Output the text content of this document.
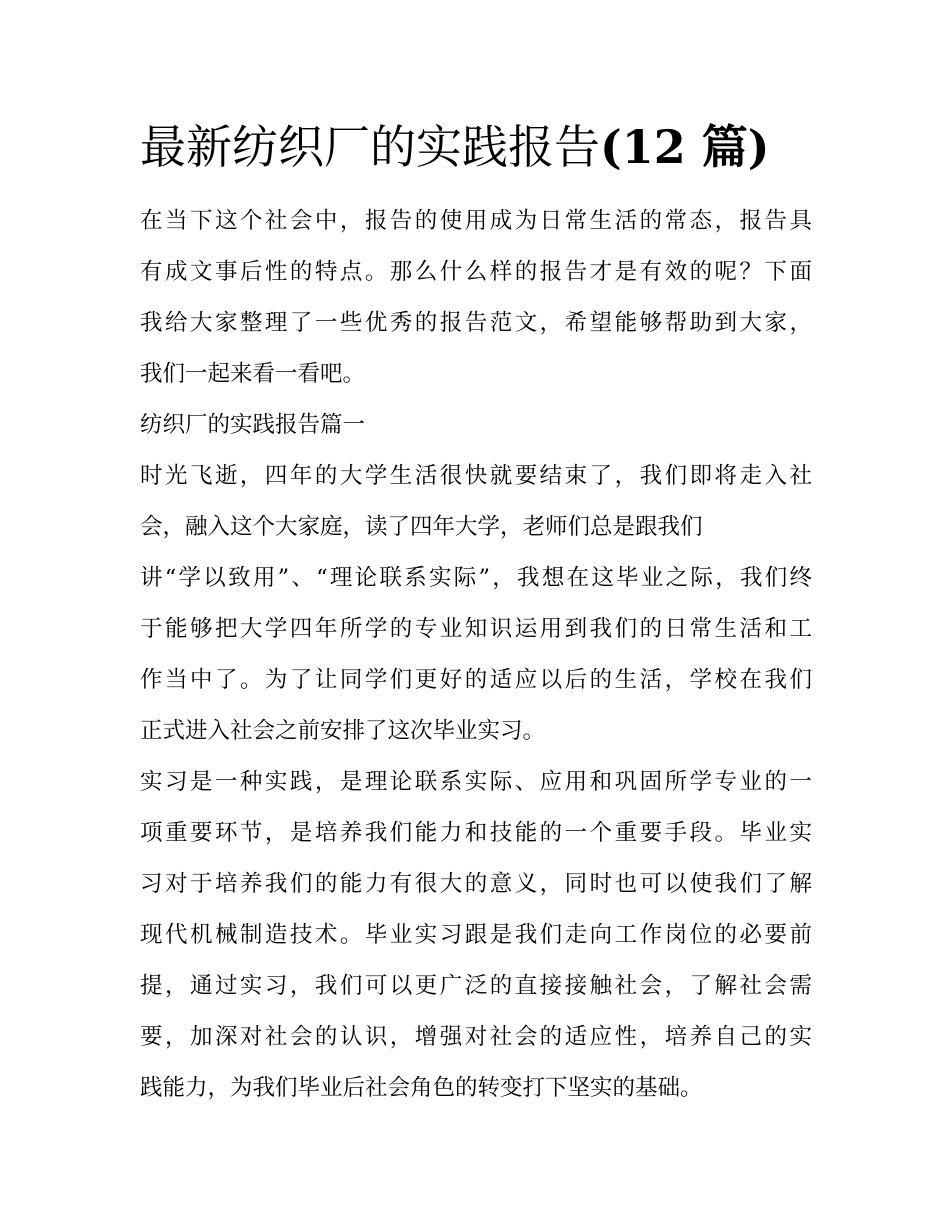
最新纺织厂的实践报告(12 篇)
在当下这个社会中，报告的使用成为日常生活的常态，报告具
有成文事后性的特点。那么什么样的报告才是有效的呢？下面
我给大家整理了一些优秀的报告范文，希望能够帮助到大家，
我们一起来看一看吧。
纺织厂的实践报告篇一
时光飞逝，四年的大学生活很快就要结束了，我们即将走入社
会，融入这个大家庭，读了四年大学，老师们总是跟我们
讲“学以致用”、“理论联系实际”，我想在这毕业之际，我们终
于能够把大学四年所学的专业知识运用到我们的日常生活和工
作当中了。为了让同学们更好的适应以后的生活，学校在我们
正式进入社会之前安排了这次毕业实习。
实习是一种实践，是理论联系实际、应用和巩固所学专业的一
项重要环节，是培养我们能力和技能的一个重要手段。毕业实
习对于培养我们的能力有很大的意义，同时也可以使我们了解
现代机械制造技术。毕业实习跟是我们走向工作岗位的必要前
提，通过实习，我们可以更广泛的直接接触社会，了解社会需
要，加深对社会的认识，增强对社会的适应性，培养自己的实
践能力，为我们毕业后社会角色的转变打下坚实的基础。
